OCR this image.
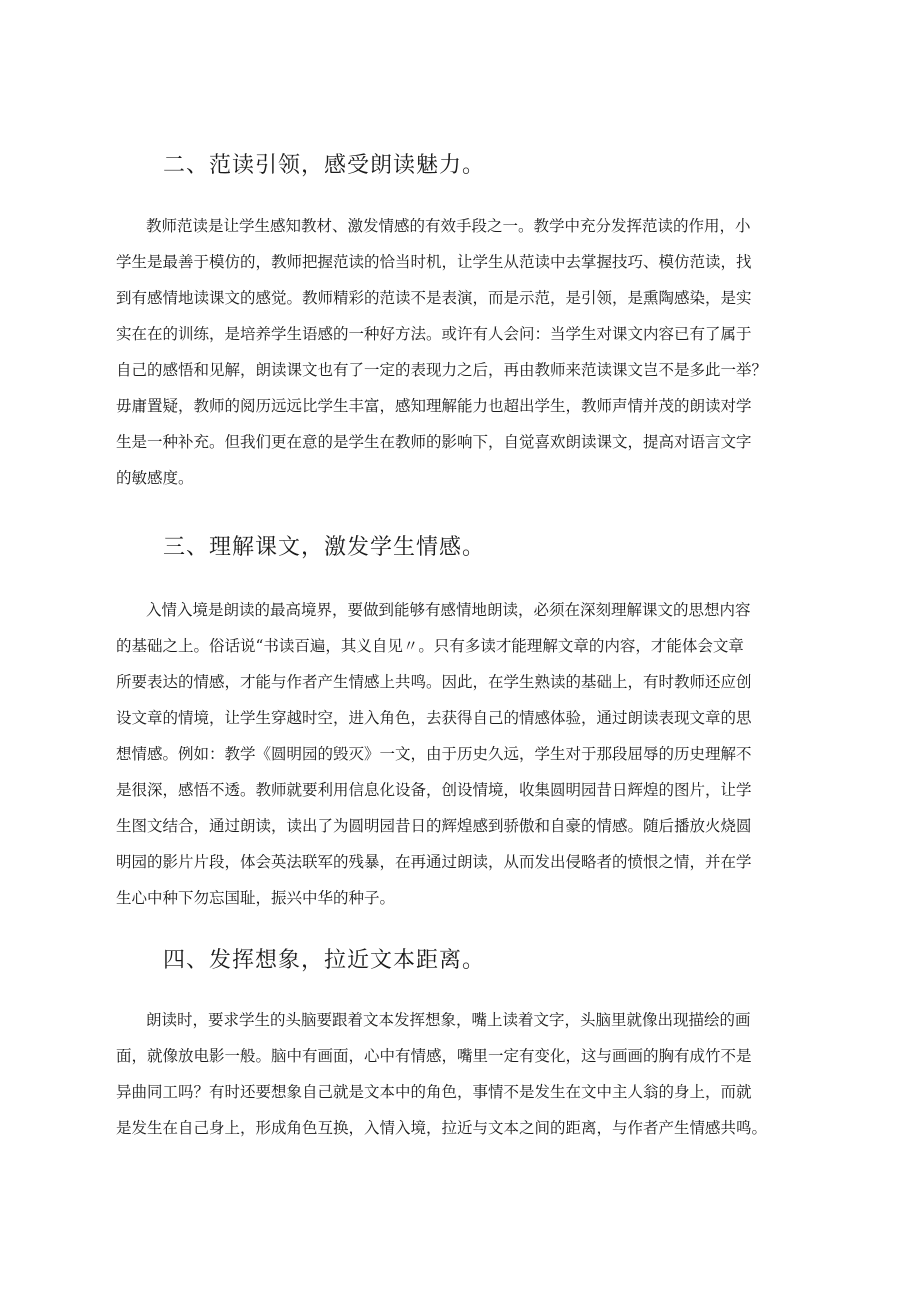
二、范读引领，感受朗读魅力。
教师范读是让学生感知教材、激发情感的有效手段之一。教学中充分发挥范读的作用，小
学生是最善于模仿的，教师把握范读的恰当时机，让学生从范读中去掌握技巧、模仿范读，找
到有感情地读课文的感觉。教师精彩的范读不是表演，而是示范，是引领，是熏陶感染，是实
实在在的训练，是培养学生语感的一种好方法。或许有人会问：当学生对课文内容已有了属于
自己的感悟和见解，朗读课文也有了一定的表现力之后，再由教师来范读课文岂不是多此一举？
毋庸置疑，教师的阅历远远比学生丰富，感知理解能力也超出学生，教师声情并茂的朗读对学
生是一种补充。但我们更在意的是学生在教师的影响下，自觉喜欢朗读课文，提高对语言文字
的敏感度。
三、理解课文，激发学生情感。
入情入境是朗读的最高境界，要做到能够有感情地朗读，必须在深刻理解课文的思想内容
的基础之上。俗话说“书读百遍，其义自见〃。只有多读才能理解文章的内容，才能体会文章
所要表达的情感，才能与作者产生情感上共鸣。因此，在学生熟读的基础上，有时教师还应创
设文章的情境，让学生穿越时空，进入角色，去获得自己的情感体验，通过朗读表现文章的思
想情感。例如：教学《圆明园的毁灭》一文，由于历史久远，学生对于那段屈辱的历史理解不
是很深，感悟不透。教师就要利用信息化设备，创设情境，收集圆明园昔日辉煌的图片，让学
生图文结合，通过朗读，读出了为圆明园昔日的辉煌感到骄傲和自豪的情感。随后播放火烧圆
明园的影片片段，体会英法联军的残暴，在再通过朗读，从而发出侵略者的愤恨之情，并在学
生心中种下勿忘国耻，振兴中华的种子。
四、发挥想象，拉近文本距离。
朗读时，要求学生的头脑要跟着文本发挥想象，嘴上读着文字，头脑里就像出现描绘的画
面，就像放电影一般。脑中有画面，心中有情感，嘴里一定有变化，这与画画的胸有成竹不是
异曲同工吗？有时还要想象自己就是文本中的角色，事情不是发生在文中主人翁的身上，而就
是发生在自己身上，形成角色互换，入情入境，拉近与文本之间的距离，与作者产生情感共鸣。
